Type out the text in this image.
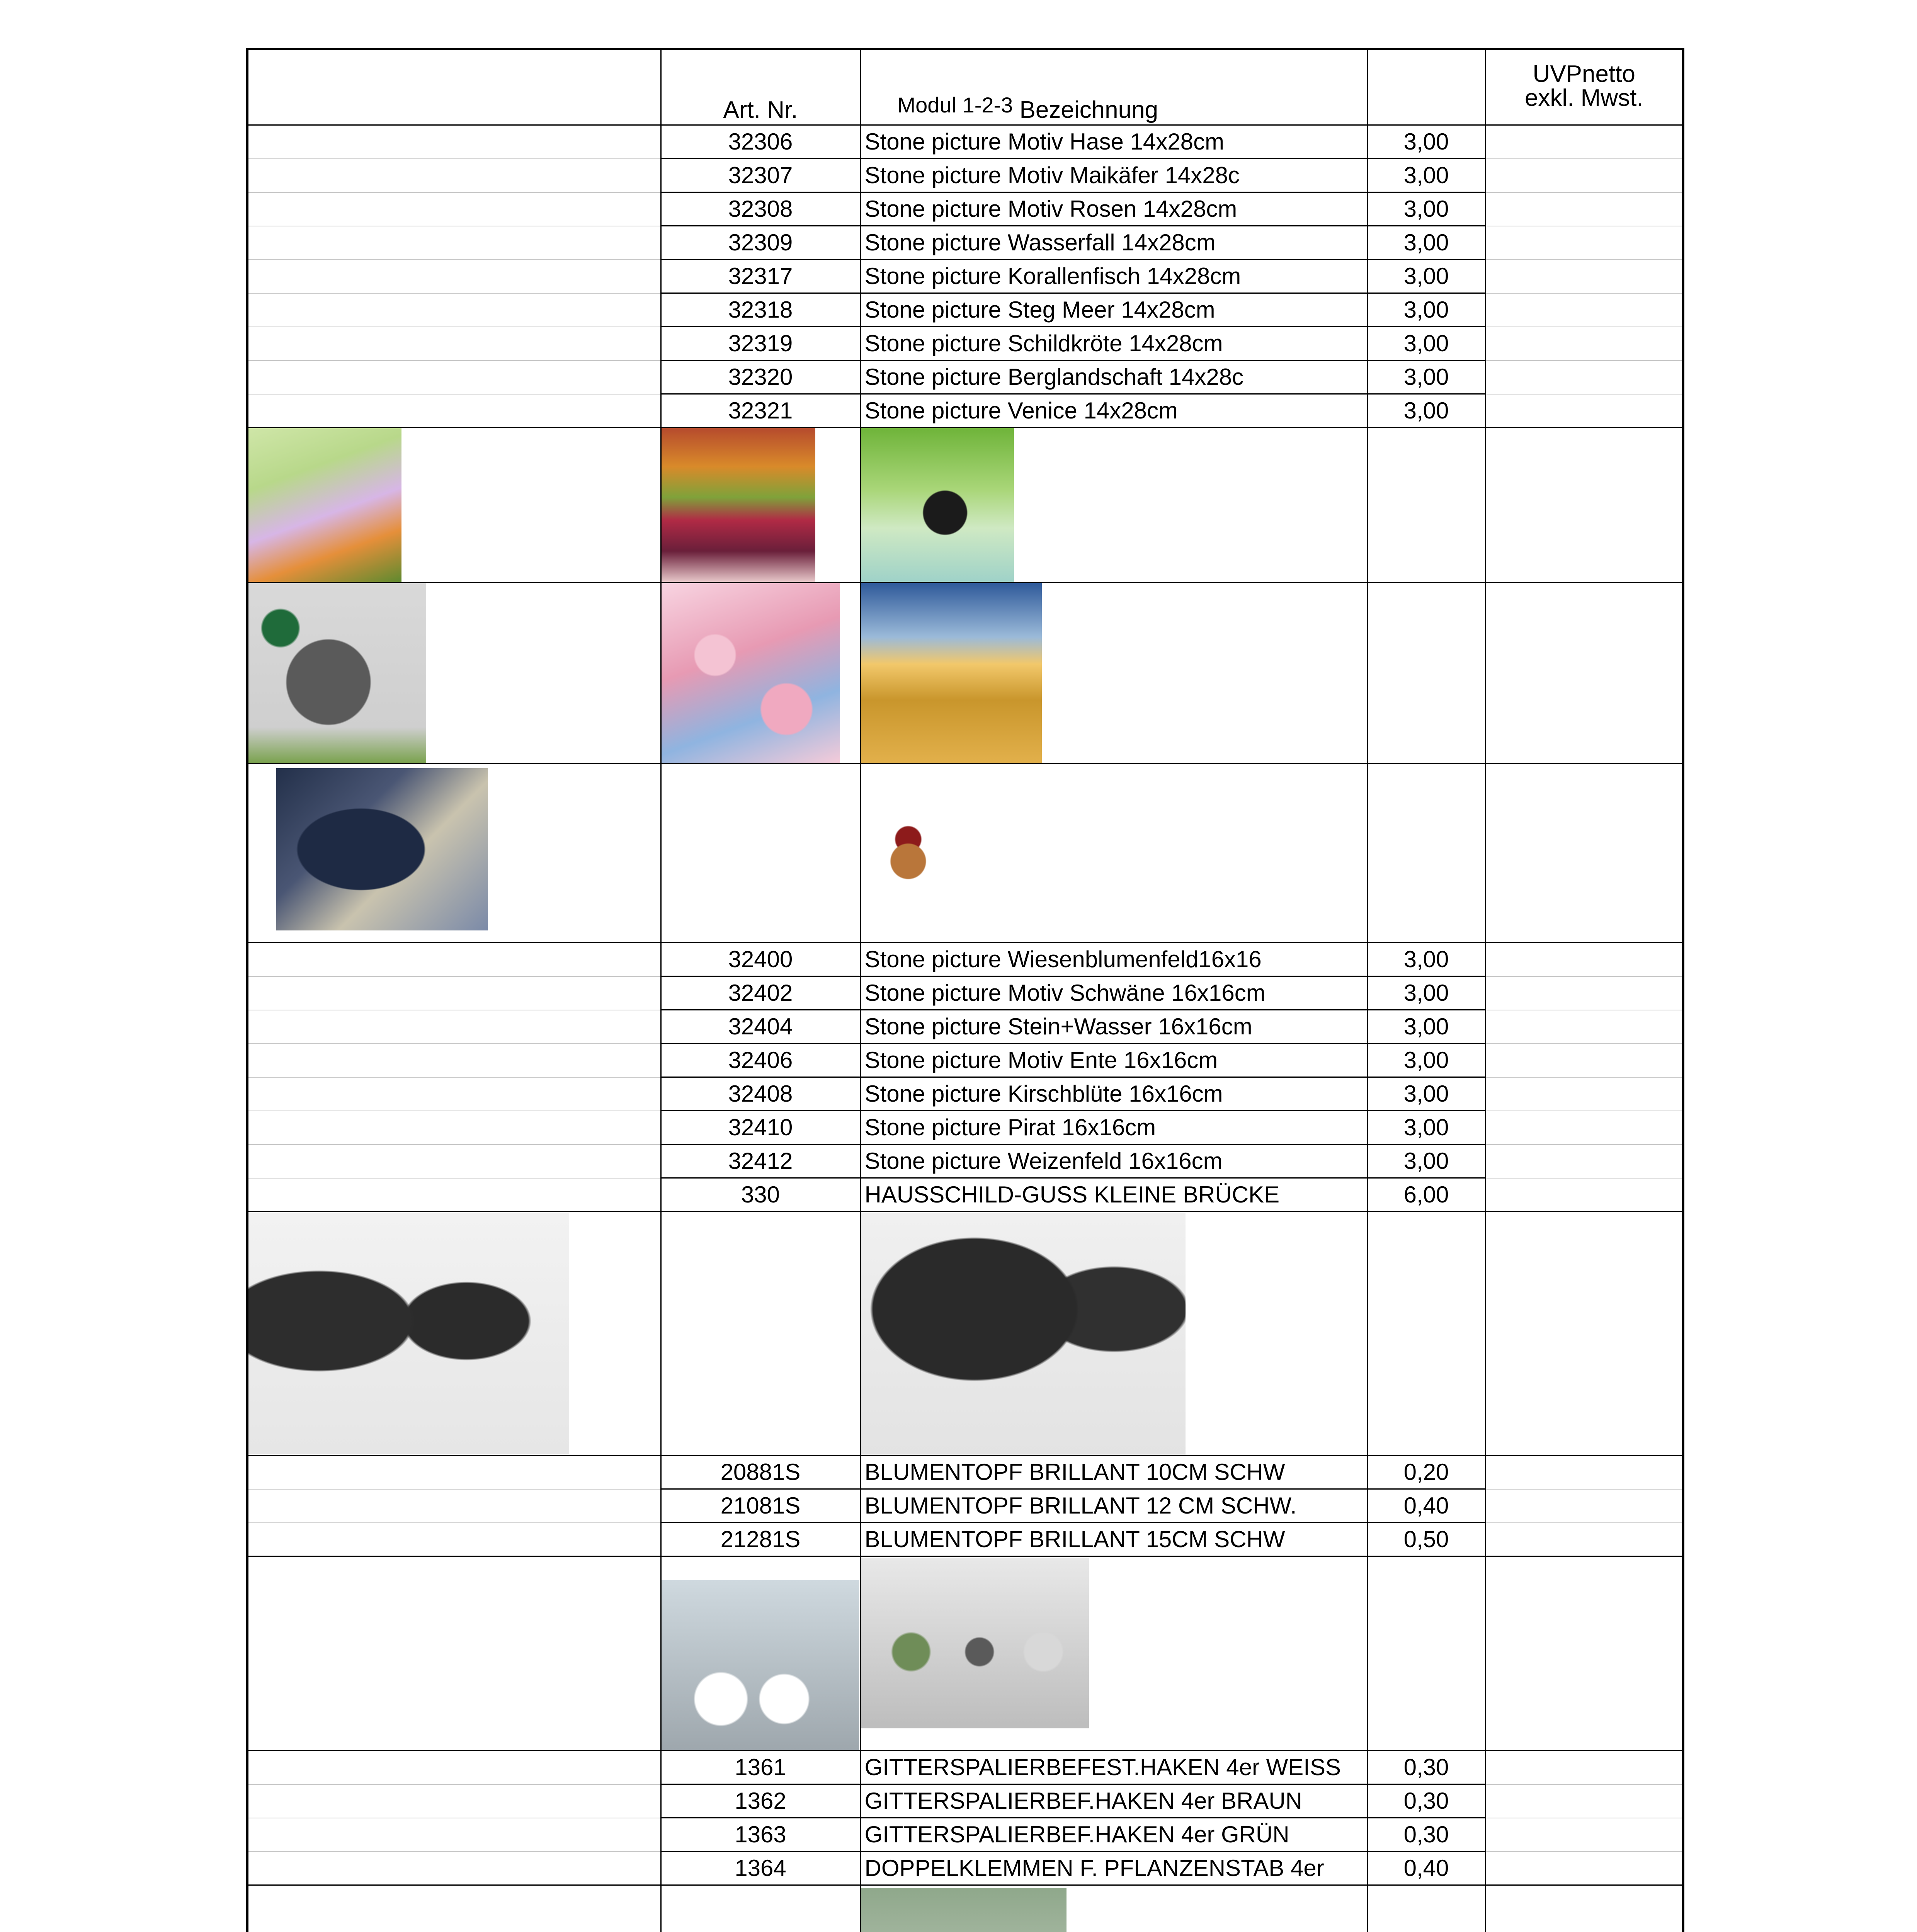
	Art. Nr.	Modul 1-2-3 Bezeichnung		UVPnetto
exkl. Mwst.

	32306	Stone picture Motiv Hase 14x28cm	3,00	
	32307	Stone picture Motiv Maikäfer 14x28c	3,00	
	32308	Stone picture Motiv Rosen 14x28cm	3,00	
	32309	Stone picture Wasserfall 14x28cm	3,00	
	32317	Stone picture Korallenfisch 14x28cm	3,00	
	32318	Stone picture Steg Meer 14x28cm	3,00	
	32319	Stone picture Schildkröte 14x28cm	3,00	
	32320	Stone picture Berglandschaft 14x28c	3,00	
	32321	Stone picture Venice 14x28cm	3,00	

	32400	Stone picture Wiesenblumenfeld16x16	3,00	
	32402	Stone picture Motiv Schwäne 16x16cm	3,00	
	32404	Stone picture Stein+Wasser 16x16cm	3,00	
	32406	Stone picture Motiv Ente 16x16cm	3,00	
	32408	Stone picture Kirschblüte 16x16cm	3,00	
	32410	Stone picture Pirat 16x16cm	3,00	
	32412	Stone picture Weizenfeld 16x16cm	3,00	
	330	HAUSSCHILD-GUSS KLEINE BRÜCKE	6,00	

	20881S	BLUMENTOPF BRILLANT 10CM SCHW	0,20	
	21081S	BLUMENTOPF BRILLANT 12 CM SCHW.	0,40	
	21281S	BLUMENTOPF BRILLANT 15CM SCHW	0,50	

	1361	GITTERSPALIERBEFEST.HAKEN 4er WEISS	0,30	
	1362	GITTERSPALIERBEF.HAKEN 4er BRAUN	0,30	
	1363	GITTERSPALIERBEF.HAKEN 4er GRÜN	0,30	
	1364	DOPPELKLEMMEN F. PFLANZENSTAB 4er	0,40	
